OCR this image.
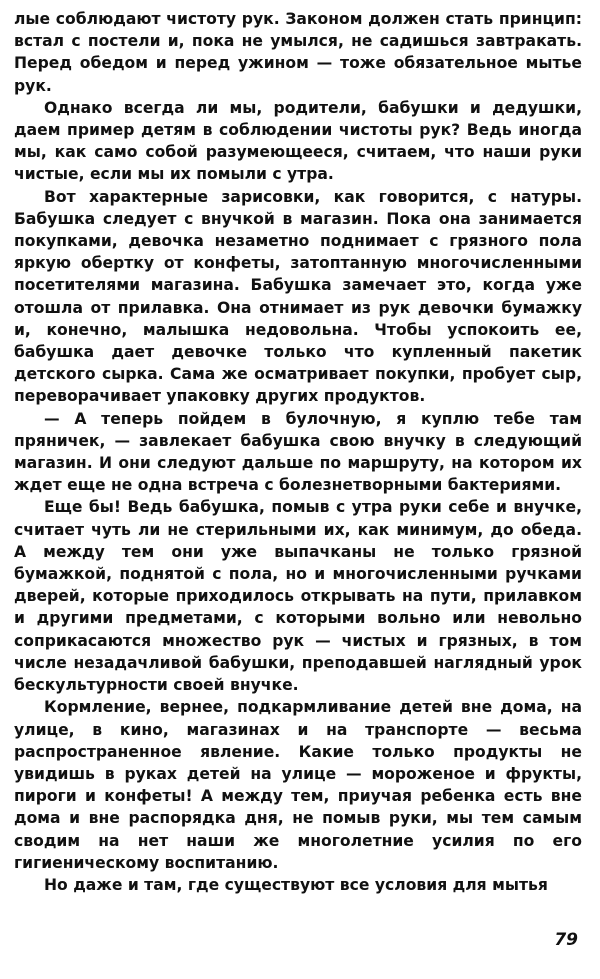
лые соблюдают чистоту рук. Законом должен стать принцип: встал с постели и, пока не умылся, не садишься завтракать. Перед обедом и перед ужином — тоже обязательное мытье рук.

Однако всегда ли мы, родители, бабушки и дедушки, даем пример детям в соблюдении чистоты рук? Ведь иногда мы, как само собой разумеющееся, считаем, что наши руки чистые, если мы их помыли с утра.

Вот характерные зарисовки, как говорится, с натуры. Бабушка следует с внучкой в магазин. Пока она занимается покупками, девочка незаметно поднимает с грязного пола яркую обертку от конфеты, затоптанную многочисленными посетителями магазина. Бабушка замечает это, когда уже отошла от прилавка. Она отнимает из рук девочки бумажку и, конечно, малышка недовольна. Чтобы успокоить ее, бабушка дает девочке только что купленный пакетик детского сырка. Сама же осматривает покупки, пробует сыр, переворачивает упаковку других продуктов.

— А теперь пойдем в булочную, я куплю тебе там пряничек, — завлекает бабушка свою внучку в следующий магазин. И они следуют дальше по маршруту, на котором их ждет еще не одна встреча с болезнетворными бактериями.

Еще бы! Ведь бабушка, помыв с утра руки себе и внучке, считает чуть ли не стерильными их, как минимум, до обеда. А между тем они уже выпачканы не только грязной бумажкой, поднятой с пола, но и многочисленными ручками дверей, которые приходилось открывать на пути, прилавком и другими предметами, с которыми вольно или невольно соприкасаются множество рук — чистых и грязных, в том числе незадачливой бабушки, преподавшей наглядный урок бескультурности своей внучке.

Кормление, вернее, подкармливание детей вне дома, на улице, в кино, магазинах и на транспорте — весьма распространенное явление. Какие только продукты не увидишь в руках детей на улице — мороженое и фрукты, пироги и конфеты! А между тем, приучая ребенка есть вне дома и вне распорядка дня, не помыв руки, мы тем самым сводим на нет наши же многолетние усилия по его гигиеническому воспитанию.

Но даже и там, где существуют все условия для мытья

79
